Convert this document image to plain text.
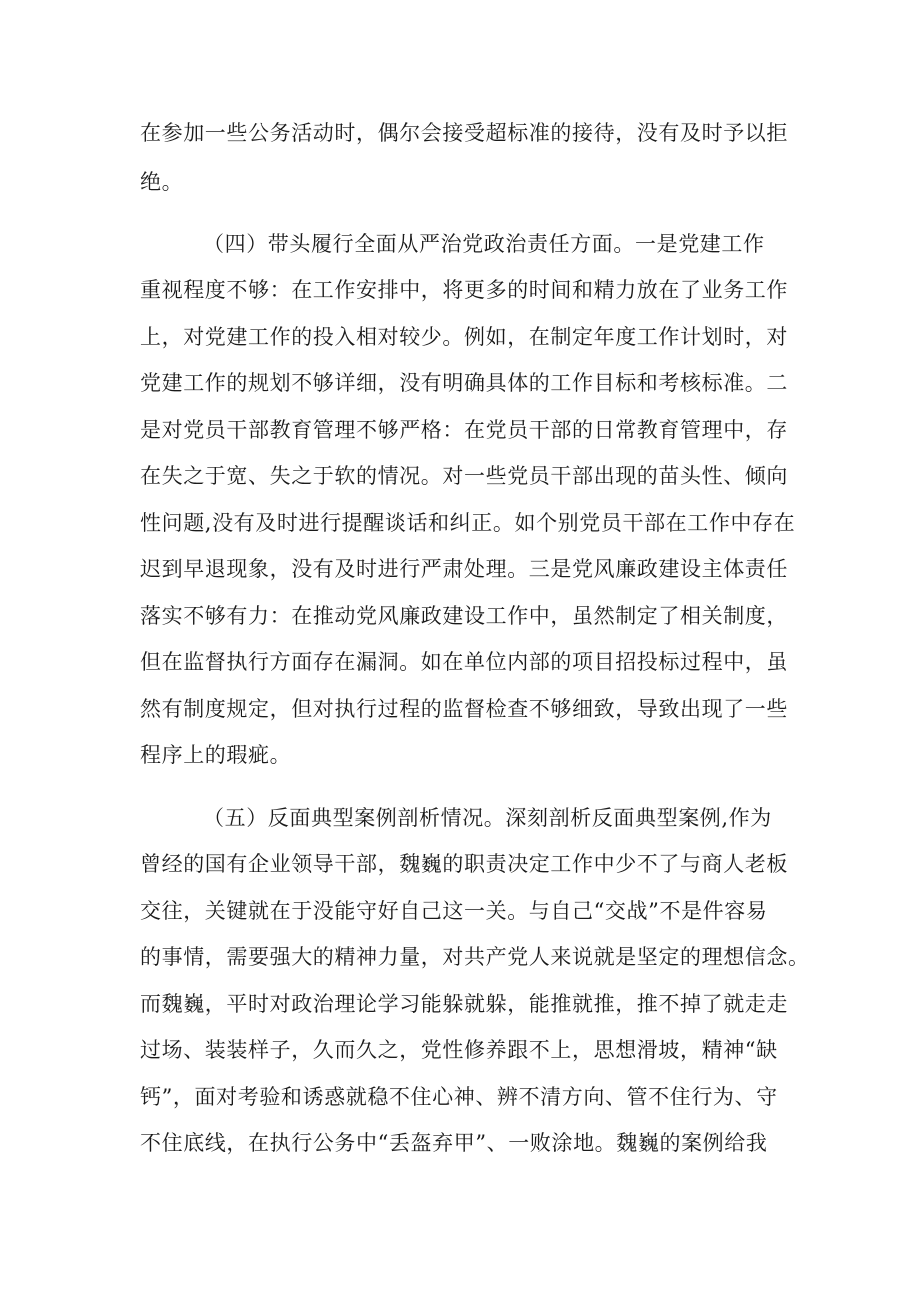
在参加一些公务活动时，偶尔会接受超标准的接待，没有及时予以拒

绝。

（四）带头履行全面从严治党政治责任方面。一是党建工作

重视程度不够：在工作安排中，将更多的时间和精力放在了业务工作

上，对党建工作的投入相对较少。例如，在制定年度工作计划时，对

党建工作的规划不够详细，没有明确具体的工作目标和考核标准。二

是对党员干部教育管理不够严格：在党员干部的日常教育管理中，存

在失之于宽、失之于软的情况。对一些党员干部出现的苗头性、倾向

性问题,没有及时进行提醒谈话和纠正。如个别党员干部在工作中存在

迟到早退现象，没有及时进行严肃处理。三是党风廉政建设主体责任

落实不够有力：在推动党风廉政建设工作中，虽然制定了相关制度，

但在监督执行方面存在漏洞。如在单位内部的项目招投标过程中，虽

然有制度规定，但对执行过程的监督检查不够细致，导致出现了一些

程序上的瑕疵。

（五）反面典型案例剖析情况。深刻剖析反面典型案例,作为

曾经的国有企业领导干部，魏巍的职责决定工作中少不了与商人老板

交往，关键就在于没能守好自己这一关。与自己“交战”不是件容易

的事情，需要强大的精神力量，对共产党人来说就是坚定的理想信念。

而魏巍，平时对政治理论学习能躲就躲，能推就推，推不掉了就走走

过场、装装样子，久而久之，党性修养跟不上，思想滑坡，精神“缺

钙”，面对考验和诱惑就稳不住心神、辨不清方向、管不住行为、守

不住底线，在执行公务中“丢盔弃甲”、一败涂地。魏巍的案例给我
